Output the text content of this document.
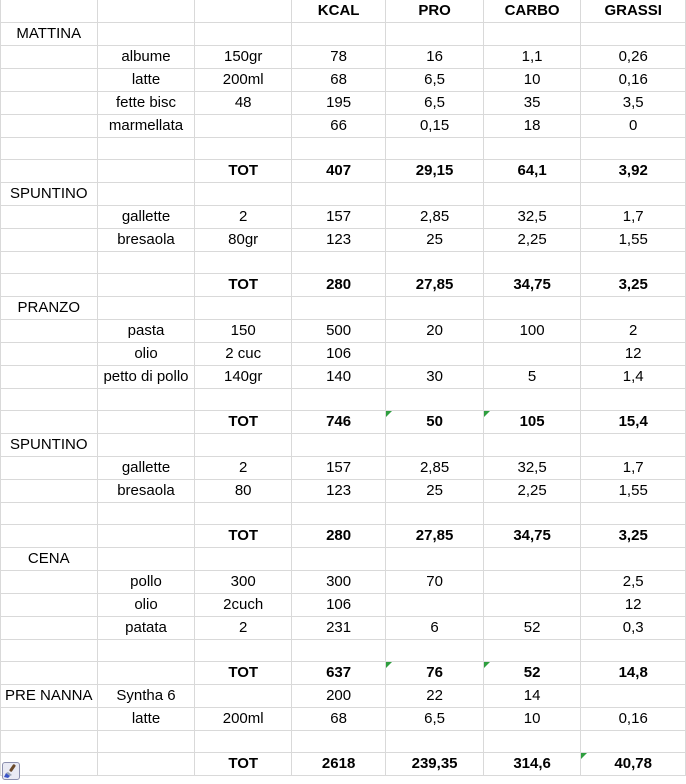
			KCAL	PRO	CARBO	GRASSI
MATTINA						
	albume	150gr	78	16	1,1	0,26
	latte	200ml	68	6,5	10	0,16
	fette bisc	48	195	6,5	35	3,5
	marmellata		66	0,15	18	0

		TOT	407	29,15	64,1	3,92
SPUNTINO						
	gallette	2	157	2,85	32,5	1,7
	bresaola	80gr	123	25	2,25	1,55

		TOT	280	27,85	34,75	3,25
PRANZO						
	pasta	150	500	20	100	2
	olio	2 cuc	106			12
	petto di pollo	140gr	140	30	5	1,4

		TOT	746	50	105	15,4
SPUNTINO						
	gallette	2	157	2,85	32,5	1,7
	bresaola	80	123	25	2,25	1,55

		TOT	280	27,85	34,75	3,25
CENA						
	pollo	300	300	70		2,5
	olio	2cuch	106			12
	patata	2	231	6	52	0,3

		TOT	637	76	52	14,8
PRE NANNA	Syntha 6		200	22	14	
	latte	200ml	68	6,5	10	0,16

		TOT	2618	239,35	314,6	40,78
